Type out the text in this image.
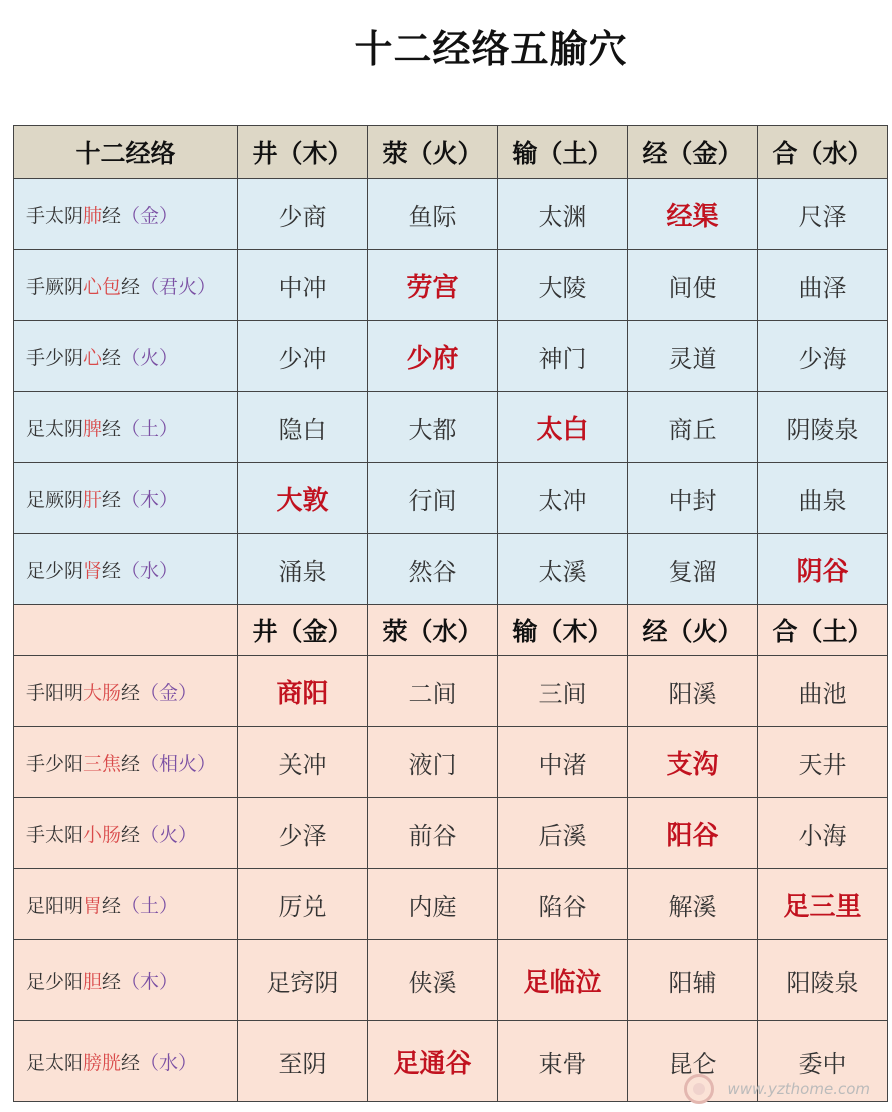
十二经络五腧穴
十二经络	井（木）	荥（火）	输（土）	经（金）	合（水）
手太阴肺经（金）	少商	鱼际	太渊	经渠	尺泽
手厥阴心包经（君火）	中冲	劳宫	大陵	间使	曲泽
手少阴心经（火）	少冲	少府	神门	灵道	少海
足太阴脾经（土）	隐白	大都	太白	商丘	阴陵泉
足厥阴肝经（木）	大敦	行间	太冲	中封	曲泉
足少阴肾经（水）	涌泉	然谷	太溪	复溜	阴谷
	井（金）	荥（水）	输（木）	经（火）	合（土）
手阳明大肠经（金）	商阳	二间	三间	阳溪	曲池
手少阳三焦经（相火）	关冲	液门	中渚	支沟	天井
手太阳小肠经（火）	少泽	前谷	后溪	阳谷	小海
足阳明胃经（土）	厉兑	内庭	陷谷	解溪	足三里
足少阳胆经（木）	足窍阴	侠溪	足临泣	阳辅	阳陵泉
足太阳膀胱经（水）	至阴	足通谷	束骨	昆仑	委中
www.yzthome.com
